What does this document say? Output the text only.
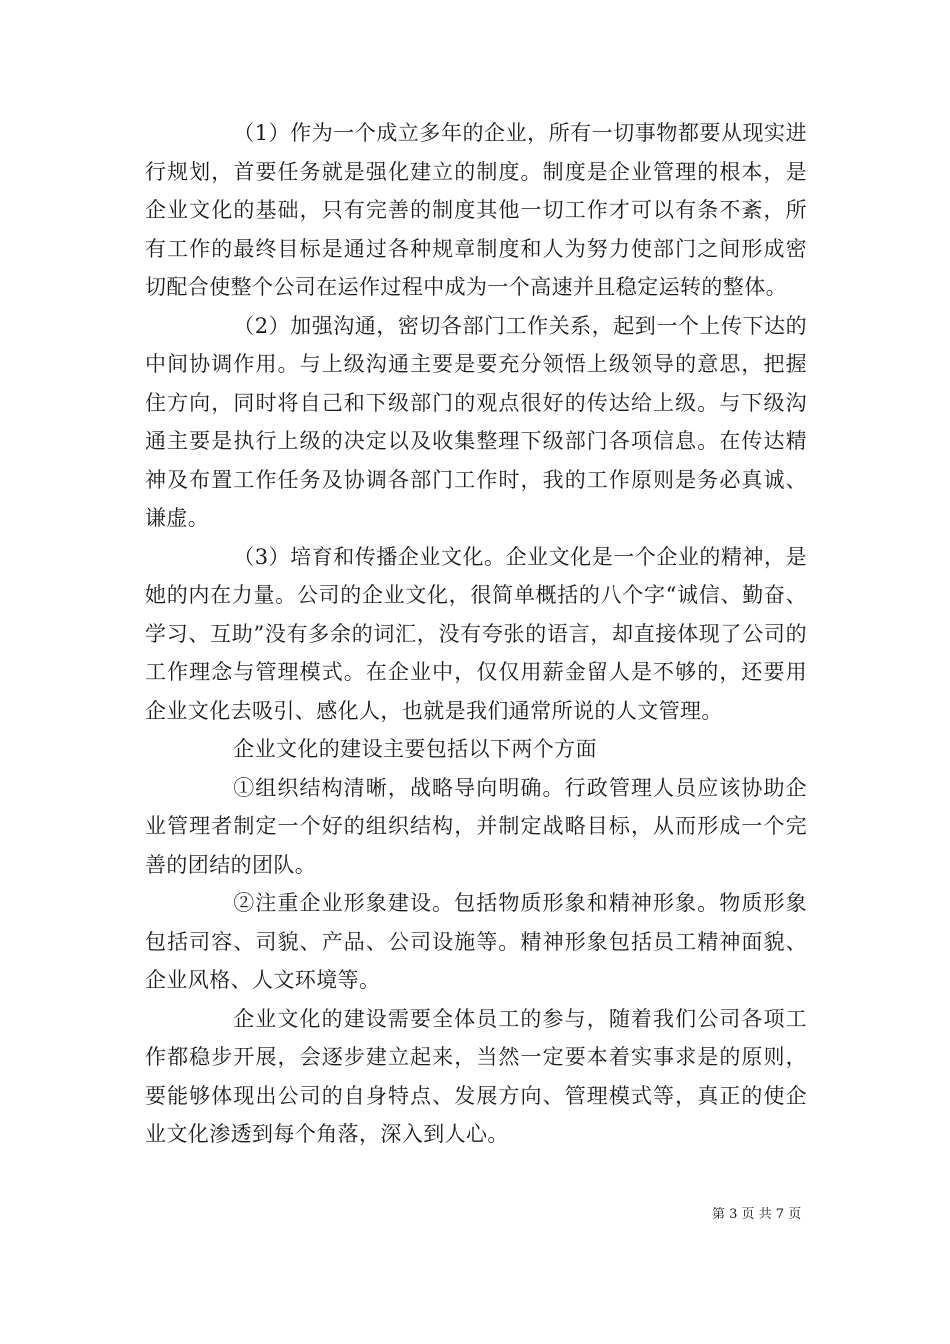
（1）作为一个成立多年的企业，所有一切事物都要从现实进行规划，首要任务就是强化建立的制度。制度是企业管理的根本，是企业文化的基础，只有完善的制度其他一切工作才可以有条不紊，所有工作的最终目标是通过各种规章制度和人为努力使部门之间形成密切配合使整个公司在运作过程中成为一个高速并且稳定运转的整体。

（2）加强沟通，密切各部门工作关系，起到一个上传下达的中间协调作用。与上级沟通主要是要充分领悟上级领导的意思，把握住方向，同时将自己和下级部门的观点很好的传达给上级。与下级沟通主要是执行上级的决定以及收集整理下级部门各项信息。在传达精神及布置工作任务及协调各部门工作时，我的工作原则是务必真诚、谦虚。

（3）培育和传播企业文化。企业文化是一个企业的精神，是她的内在力量。公司的企业文化，很简单概括的八个字“诚信、勤奋、学习、互助”没有多余的词汇，没有夸张的语言，却直接体现了公司的工作理念与管理模式。在企业中，仅仅用薪金留人是不够的，还要用企业文化去吸引、感化人，也就是我们通常所说的人文管理。

企业文化的建设主要包括以下两个方面

①组织结构清晰，战略导向明确。行政管理人员应该协助企业管理者制定一个好的组织结构，并制定战略目标，从而形成一个完善的团结的团队。

②注重企业形象建设。包括物质形象和精神形象。物质形象包括司容、司貌、产品、公司设施等。精神形象包括员工精神面貌、企业风格、人文环境等。

企业文化的建设需要全体员工的参与，随着我们公司各项工作都稳步开展，会逐步建立起来，当然一定要本着实事求是的原则，要能够体现出公司的自身特点、发展方向、管理模式等，真正的使企业文化渗透到每个角落，深入到人心。

第 3 页 共 7 页
